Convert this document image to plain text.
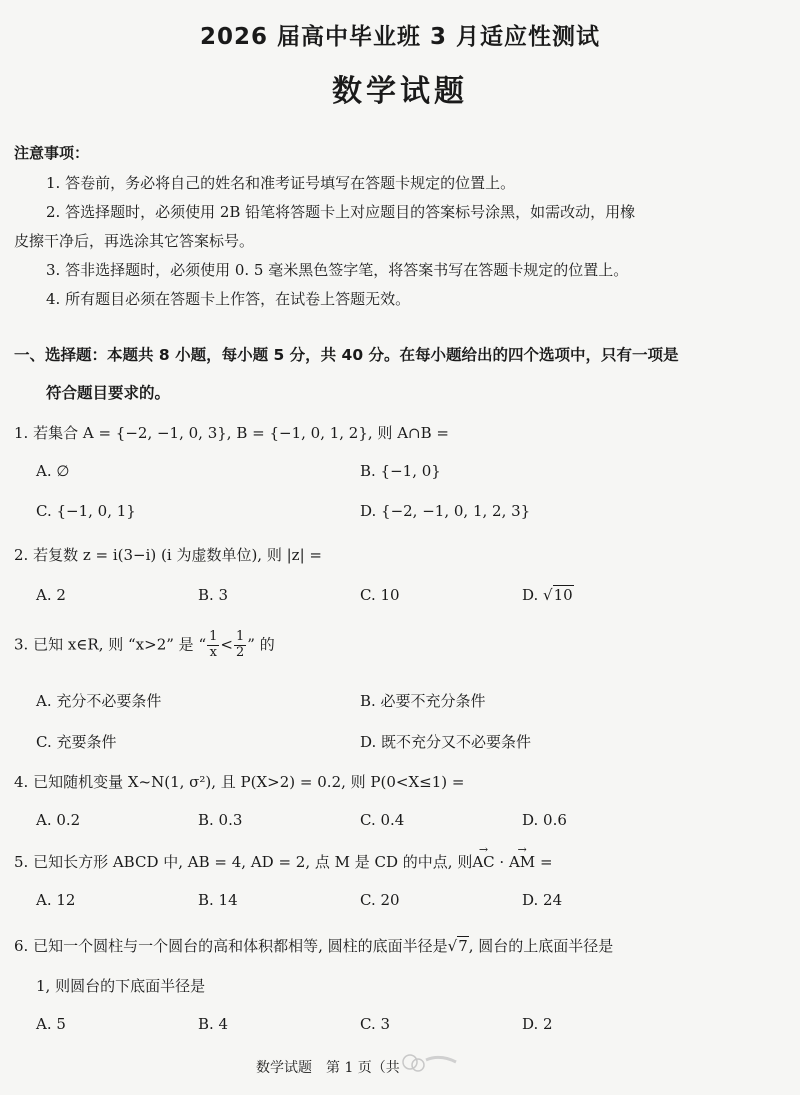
2026 届高中毕业班 3 月适应性测试
数学试题
注意事项：
1. 答卷前，务必将自己的姓名和准考证号填写在答题卡规定的位置上。
2. 答选择题时，必须使用 2B 铅笔将答题卡上对应题目的答案标号涂黑，如需改动，用橡
皮擦干净后，再选涂其它答案标号。
3. 答非选择题时，必须使用 0. 5 毫米黑色签字笔，将答案书写在答题卡规定的位置上。
4. 所有题目必须在答题卡上作答，在试卷上答题无效。
一、选择题：本题共 8 小题，每小题 5 分，共 40 分。在每小题给出的四个选项中，只有一项是
符合题目要求的。
1. 若集合 A = {−2, −1, 0, 3}, B = {−1, 0, 1, 2}, 则 A∩B =
A. ∅	B. {−1, 0}
C. {−1, 0, 1}	D. {−2, −1, 0, 1, 2, 3}
2. 若复数 z = i(3−i) (i 为虚数单位), 则 |z| =
A. 2	B. 3	C. 10	D. √10
3. 已知 x∈R, 则 “x>2” 是 “ $\frac{1}{x} < \frac{1}{2}$ ” 的
A. 充分不必要条件	B. 必要不充分条件
C. 充要条件	D. 既不充分又不必要条件
4. 已知随机变量 X~N(1, σ²), 且 P(X>2) = 0.2, 则 P(0<X≤1) =
A. 0.2	B. 0.3	C. 0.4	D. 0.6
5. 已知长方形 ABCD 中, AB = 4, AD = 2, 点 M 是 CD 的中点, 则→ AC · → AM =
A. 12	B. 14	C. 20	D. 24
6. 已知一个圆柱与一个圆台的高和体积都相等, 圆柱的底面半径是√7, 圆台的上底面半径是
1, 则圆台的下底面半径是
A. 5	B. 4	C. 3	D. 2
数学试题　第 1 页（共
